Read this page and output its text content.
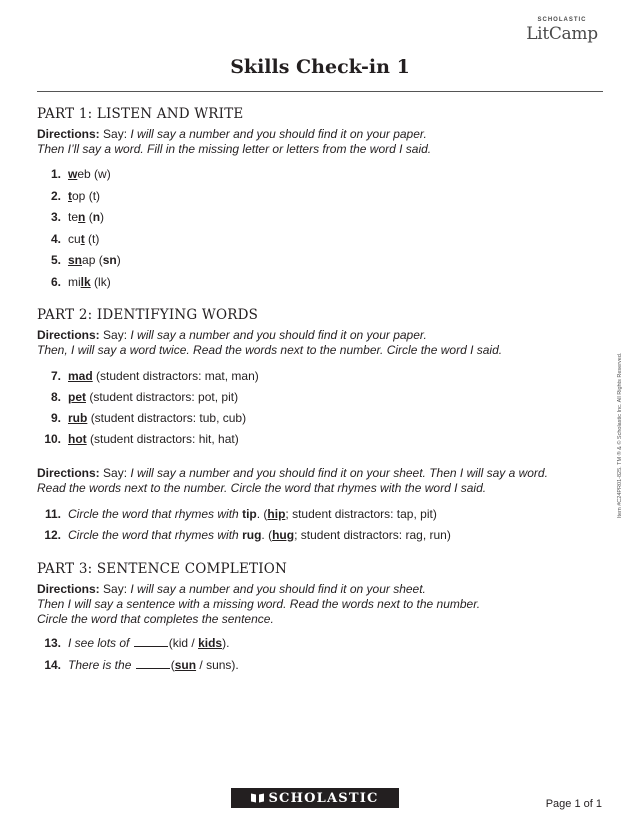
SCHOLASTIC
LitCamp
Skills Check-in 1
PART 1: LISTEN AND WRITE
Directions: Say: I will say a number and you should find it on your paper.
Then I’ll say a word. Fill in the missing letter or letters from the word I said.
1. web (w)
2. top (t)
3. ten (n)
4. cut (t)
5. snap (sn)
6. milk (lk)
PART 2: IDENTIFYING WORDS
Directions: Say: I will say a number and you should find it on your paper.
Then, I will say a word twice. Read the words next to the number. Circle the word I said.
7. mad (student distractors: mat, man)
8. pet (student distractors: pot, pit)
9. rub (student distractors: tub, cub)
10. hot (student distractors: hit, hat)
Directions: Say: I will say a number and you should find it on your sheet. Then I will say a word.
Read the words next to the number. Circle the word that rhymes with the word I said.
11. Circle the word that rhymes with tip. (hip; student distractors: tap, pit)
12. Circle the word that rhymes with rug. (hug; student distractors: rag, run)
PART 3: SENTENCE COMPLETION
Directions: Say: I will say a number and you should find it on your sheet.
Then I will say a sentence with a missing word. Read the words next to the number.
Circle the word that completes the sentence.
13. I see lots of	(kid / kids).
14. There is the	(sun / suns).
Item #C24PR01-825. TM ® & © Scholastic Inc. All Rights Reserved.
SCHOLASTIC	Page 1 of 1
